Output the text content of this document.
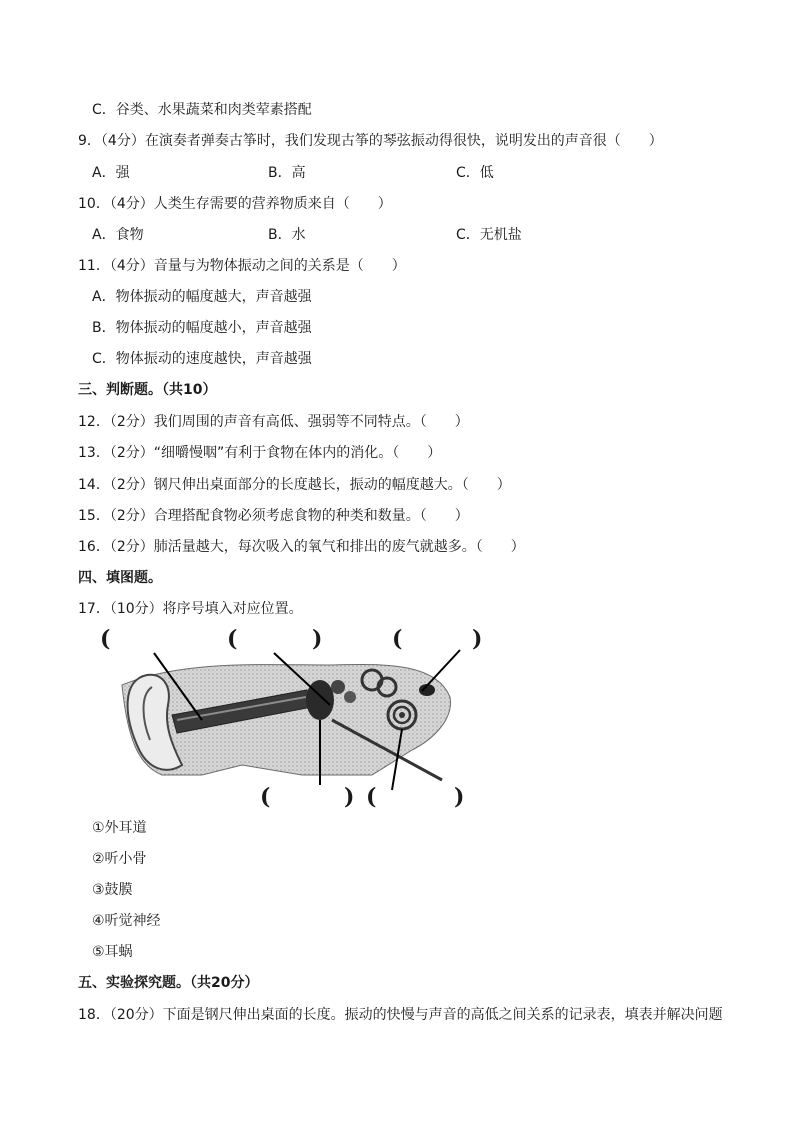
C．谷类、水果蔬菜和肉类荤素搭配
9．（4分）在演奏者弹奏古筝时，我们发现古筝的琴弦振动得很快，说明发出的声音很（　　）
A．强	B．高	C．低
10．（4分）人类生存需要的营养物质来自（　　）
A．食物	B．水	C．无机盐
11．（4分）音量与为物体振动之间的关系是（　　）
A．物体振动的幅度越大，声音越强
B．物体振动的幅度越小，声音越强
C．物体振动的速度越快，声音越强
三、判断题。（共10）
12．（2分）我们周围的声音有高低、强弱等不同特点。（　　）
13．（2分）“细嚼慢咽”有利于食物在体内的消化。（　　）
14．（2分）钢尺伸出桌面部分的长度越长，振动的幅度越大。（　　）
15．（2分）合理搭配食物必须考虑食物的种类和数量。（　　）
16．（2分）肺活量越大，每次吸入的氧气和排出的废气就越多。（　　）
四、填图题。
17．（10分）将序号填入对应位置。
(	(	)	(	)
(	) (	)
①外耳道
②听小骨
③鼓膜
④听觉神经
⑤耳蜗
五、实验探究题。（共20分）
18．（20分）下面是钢尺伸出桌面的长度。振动的快慢与声音的高低之间关系的记录表，填表并解决问题
